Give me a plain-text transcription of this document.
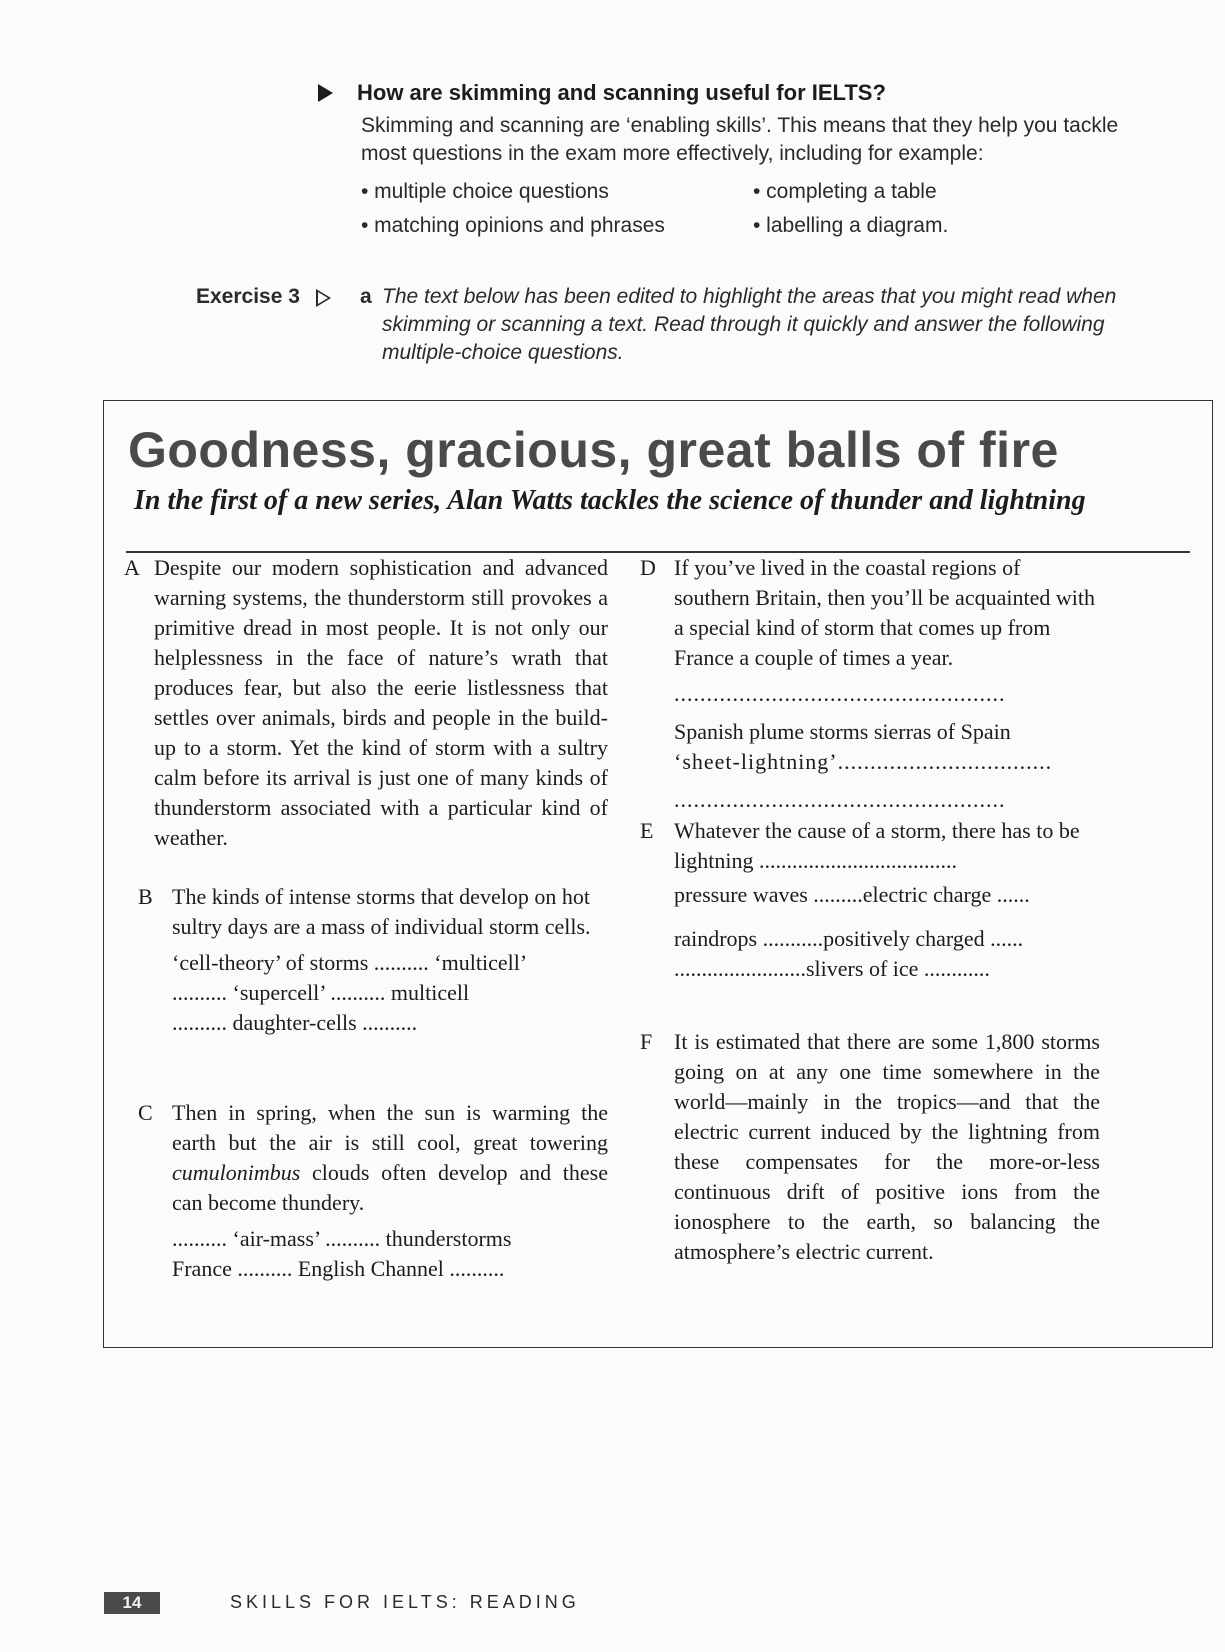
How are skimming and scanning useful for IELTS?
Skimming and scanning are ‘enabling skills’. This means that they help you tackle
most questions in the exam more effectively, including for example:
• multiple choice questions	• completing a table
• matching opinions and phrases	• labelling a diagram.
Exercise 3	a The text below has been edited to highlight the areas that you might read when skimming or scanning a text. Read through it quickly and answer the following multiple-choice questions.
Goodness, gracious, great balls of fire
In the first of a new series, Alan Watts tackles the science of thunder and lightning
A Despite our modern sophistication and advanced warning systems, the thunderstorm still provokes a primitive dread in most people. It is not only our helplessness in the face of nature’s wrath that produces fear, but also the eerie listlessness that settles over animals, birds and people in the build-up to a storm. Yet the kind of storm with a sultry calm before its arrival is just one of many kinds of thunderstorm associated with a particular kind of weather.
B The kinds of intense storms that develop on hot sultry days are a mass of individual storm cells.
‘cell-theory’ of storms .......... ‘multicell’
.......... ‘supercell’ .......... multicell
.......... daughter-cells ..........
C Then in spring, when the sun is warming the earth but the air is still cool, great towering cumulonimbus clouds often develop and these can become thundery.
.......... ‘air-mass’ .......... thunderstorms
France .......... English Channel ..........
D If you’ve lived in the coastal regions of southern Britain, then you’ll be acquainted with a special kind of storm that comes up from France a couple of times a year.
...................................................
Spanish plume storms sierras of Spain
‘sheet-lightning’.................................
...................................................
E Whatever the cause of a storm, there has to be lightning ....................................
pressure waves .........electric charge ......
raindrops ...........positively charged ......
........................slivers of ice ............
F It is estimated that there are some 1,800 storms going on at any one time somewhere in the world—mainly in the tropics—and that the electric current induced by the lightning from these compensates for the more-or-less continuous drift of positive ions from the ionosphere to the earth, so balancing the atmosphere’s electric current.
14	SKILLS FOR IELTS: READING
